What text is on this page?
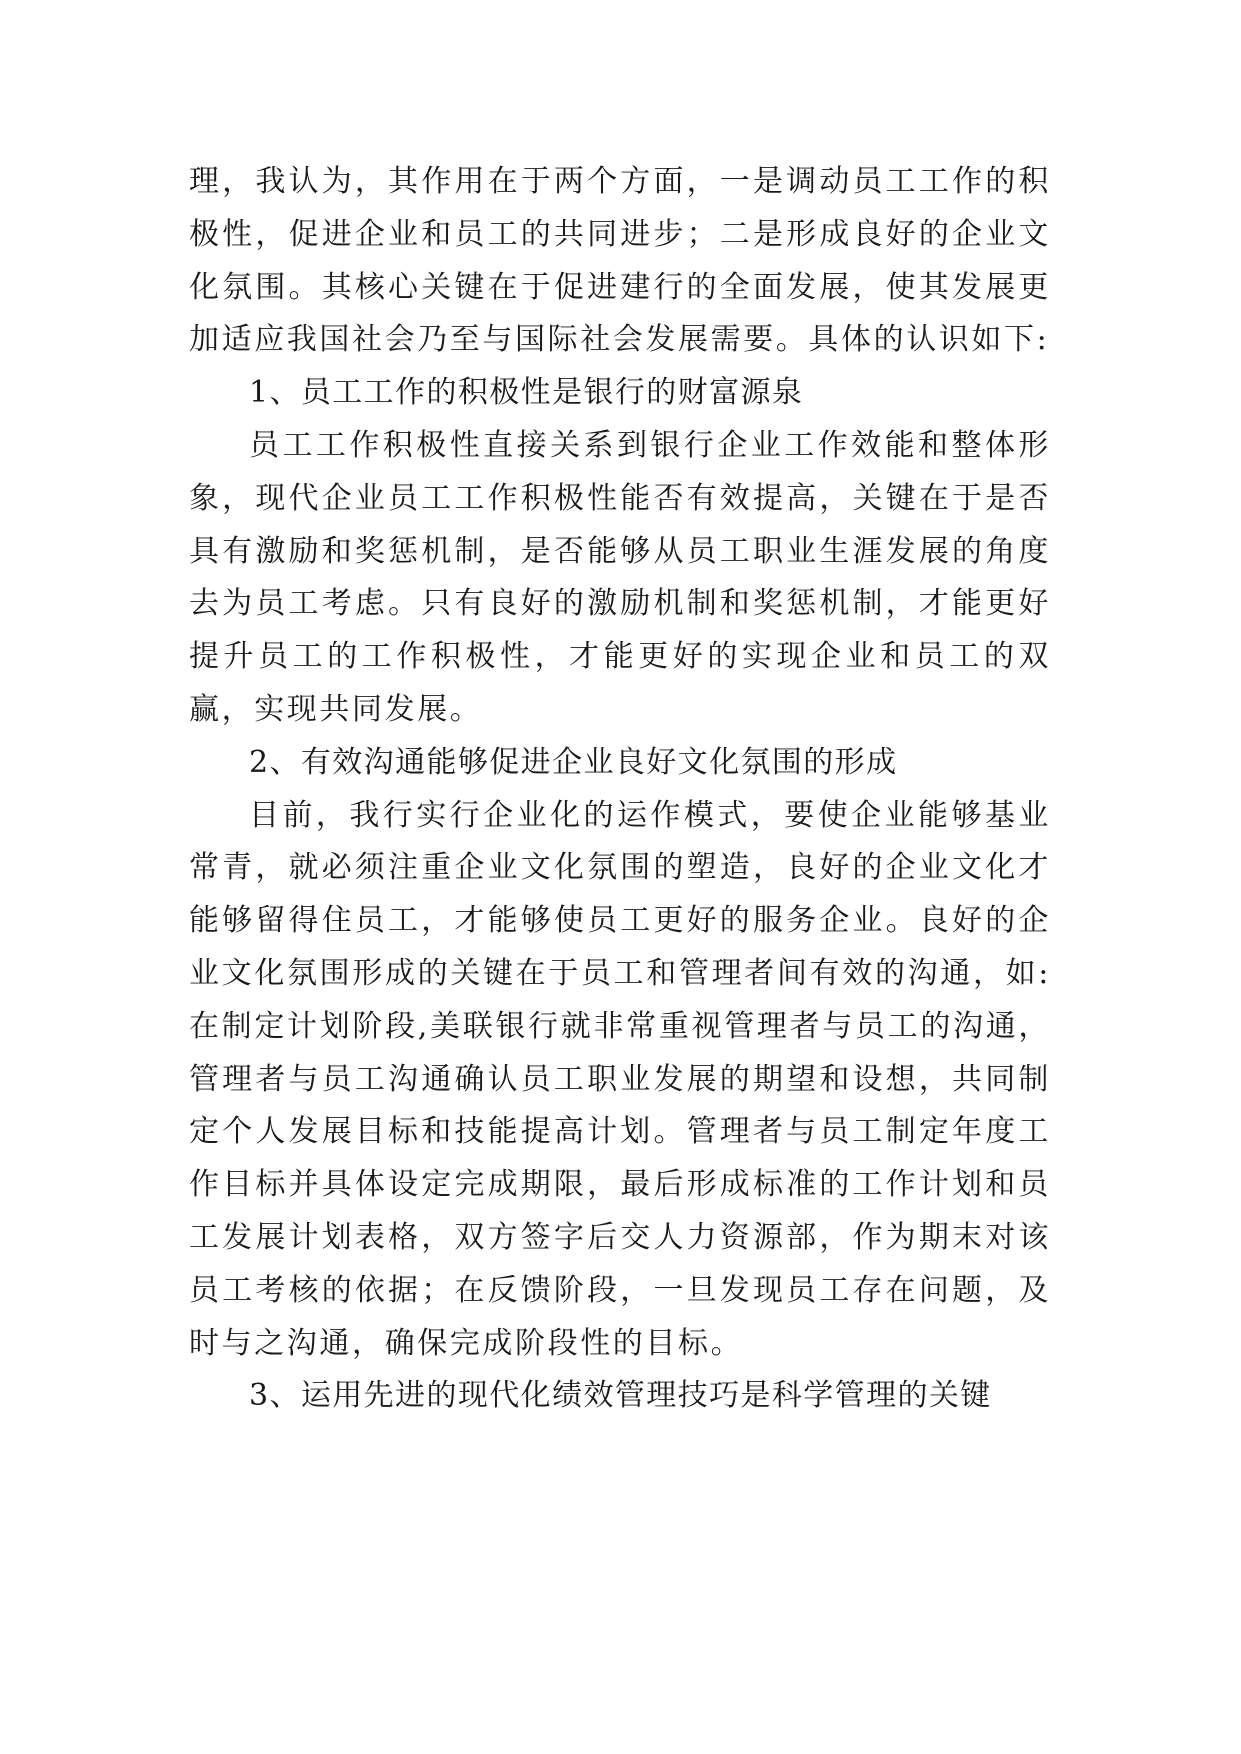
理，我认为，其作用在于两个方面，一是调动员工工作的积极性，促进企业和员工的共同进步；二是形成良好的企业文化氛围。其核心关键在于促进建行的全面发展，使其发展更加适应我国社会乃至与国际社会发展需要。具体的认识如下:

1、员工工作的积极性是银行的财富源泉

员工工作积极性直接关系到银行企业工作效能和整体形象，现代企业员工工作积极性能否有效提高，关键在于是否具有激励和奖惩机制，是否能够从员工职业生涯发展的角度去为员工考虑。只有良好的激励机制和奖惩机制，才能更好提升员工的工作积极性，才能更好的实现企业和员工的双赢，实现共同发展。

2、有效沟通能够促进企业良好文化氛围的形成

目前，我行实行企业化的运作模式，要使企业能够基业常青，就必须注重企业文化氛围的塑造，良好的企业文化才能够留得住员工，才能够使员工更好的服务企业。良好的企业文化氛围形成的关键在于员工和管理者间有效的沟通，如:在制定计划阶段,美联银行就非常重视管理者与员工的沟通，管理者与员工沟通确认员工职业发展的期望和设想，共同制定个人发展目标和技能提高计划。管理者与员工制定年度工作目标并具体设定完成期限，最后形成标准的工作计划和员工发展计划表格，双方签字后交人力资源部，作为期末对该员工考核的依据；在反馈阶段，一旦发现员工存在问题，及时与之沟通，确保完成阶段性的目标。

3、运用先进的现代化绩效管理技巧是科学管理的关键
